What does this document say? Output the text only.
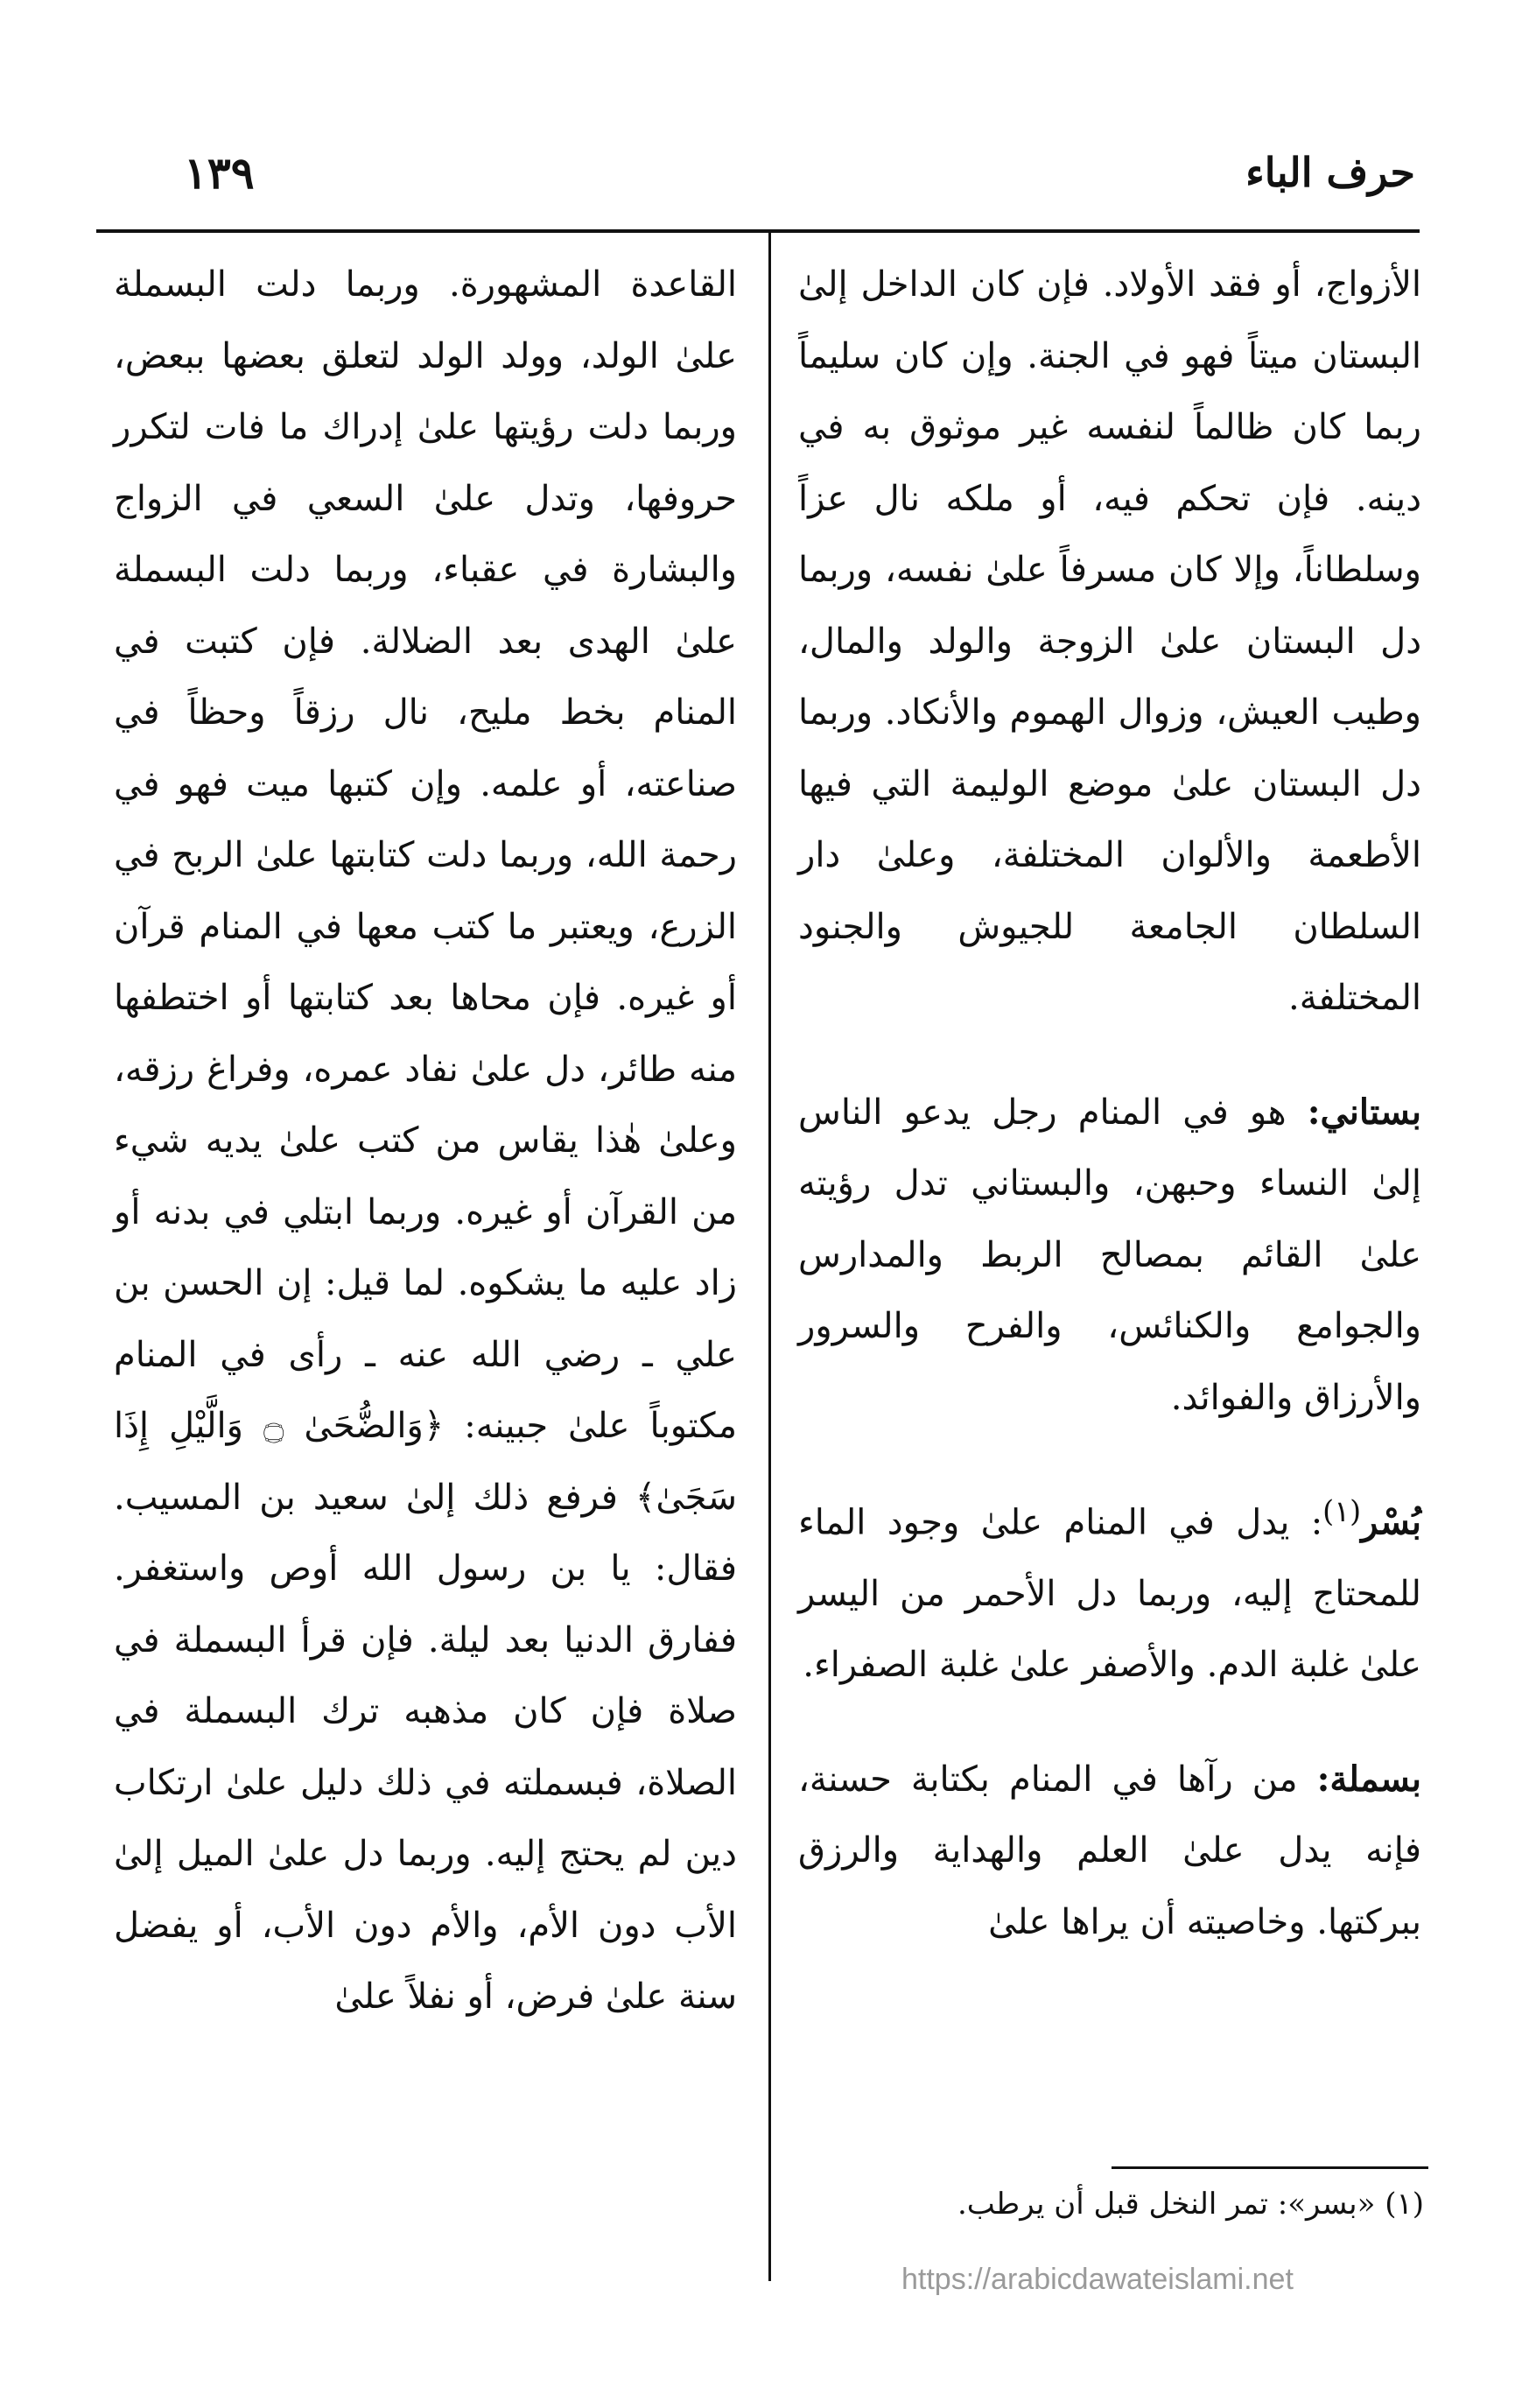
حرف الباء
١٣٩

الأزواج، أو فقد الأولاد. فإن كان الداخل إلىٰ البستان ميتاً فهو في الجنة. وإن كان سليماً ربما كان ظالماً لنفسه غير موثوق به في دينه. فإن تحكم فيه، أو ملكه نال عزاً وسلطاناً، وإلا كان مسرفاً علىٰ نفسه، وربما دل البستان علىٰ الزوجة والولد والمال، وطيب العيش، وزوال الهموم والأنكاد. وربما دل البستان علىٰ موضع الوليمة التي فيها الأطعمة والألوان المختلفة، وعلىٰ دار السلطان الجامعة للجيوش والجنود المختلفة.

بستاني: هو في المنام رجل يدعو الناس إلىٰ النساء وحبهن، والبستاني تدل رؤيته علىٰ القائم بمصالح الربط والمدارس والجوامع والكنائس، والفرح والسرور والأرزاق والفوائد.

بُسْر$^{(١)}$: يدل في المنام علىٰ وجود الماء للمحتاج إليه، وربما دل الأحمر من اليسر علىٰ غلبة الدم. والأصفر علىٰ غلبة الصفراء.

بسملة: من رآها في المنام بكتابة حسنة، فإنه يدل علىٰ العلم والهداية والرزق ببركتها. وخاصيته أن يراها علىٰ

القاعدة المشهورة. وربما دلت البسملة علىٰ الولد، وولد الولد لتعلق بعضها ببعض، وربما دلت رؤيتها علىٰ إدراك ما فات لتكرر حروفها، وتدل علىٰ السعي في الزواج والبشارة في عقباء، وربما دلت البسملة علىٰ الهدى بعد الضلالة. فإن كتبت في المنام بخط مليح، نال رزقاً وحظاً في صناعته، أو علمه. وإن كتبها ميت فهو في رحمة الله، وربما دلت كتابتها علىٰ الربح في الزرع، ويعتبر ما كتب معها في المنام قرآن أو غيره. فإن محاها بعد كتابتها أو اختطفها منه طائر، دل علىٰ نفاد عمره، وفراغ رزقه، وعلىٰ هٰذا يقاس من كتب علىٰ يديه شيء من القرآن أو غيره. وربما ابتلي في بدنه أو زاد عليه ما يشكوه. لما قيل: إن الحسن بن علي ـ رضي الله عنه ـ رأى في المنام مكتوباً علىٰ جبينه: ﴿وَالضُّحَىٰ ۝ وَالَّيْلِ إِذَا سَجَىٰ﴾ فرفع ذلك إلىٰ سعيد بن المسيب. فقال: يا بن رسول الله أوص واستغفر. ففارق الدنيا بعد ليلة. فإن قرأ البسملة في صلاة فإن كان مذهبه ترك البسملة في الصلاة، فبسملته في ذلك دليل علىٰ ارتكاب دين لم يحتج إليه. وربما دل علىٰ الميل إلىٰ الأب دون الأم، والأم دون الأب، أو يفضل سنة علىٰ فرض، أو نفلاً علىٰ

(١) «بسر»: تمر النخل قبل أن يرطب.
https://arabicdawateislami.net
